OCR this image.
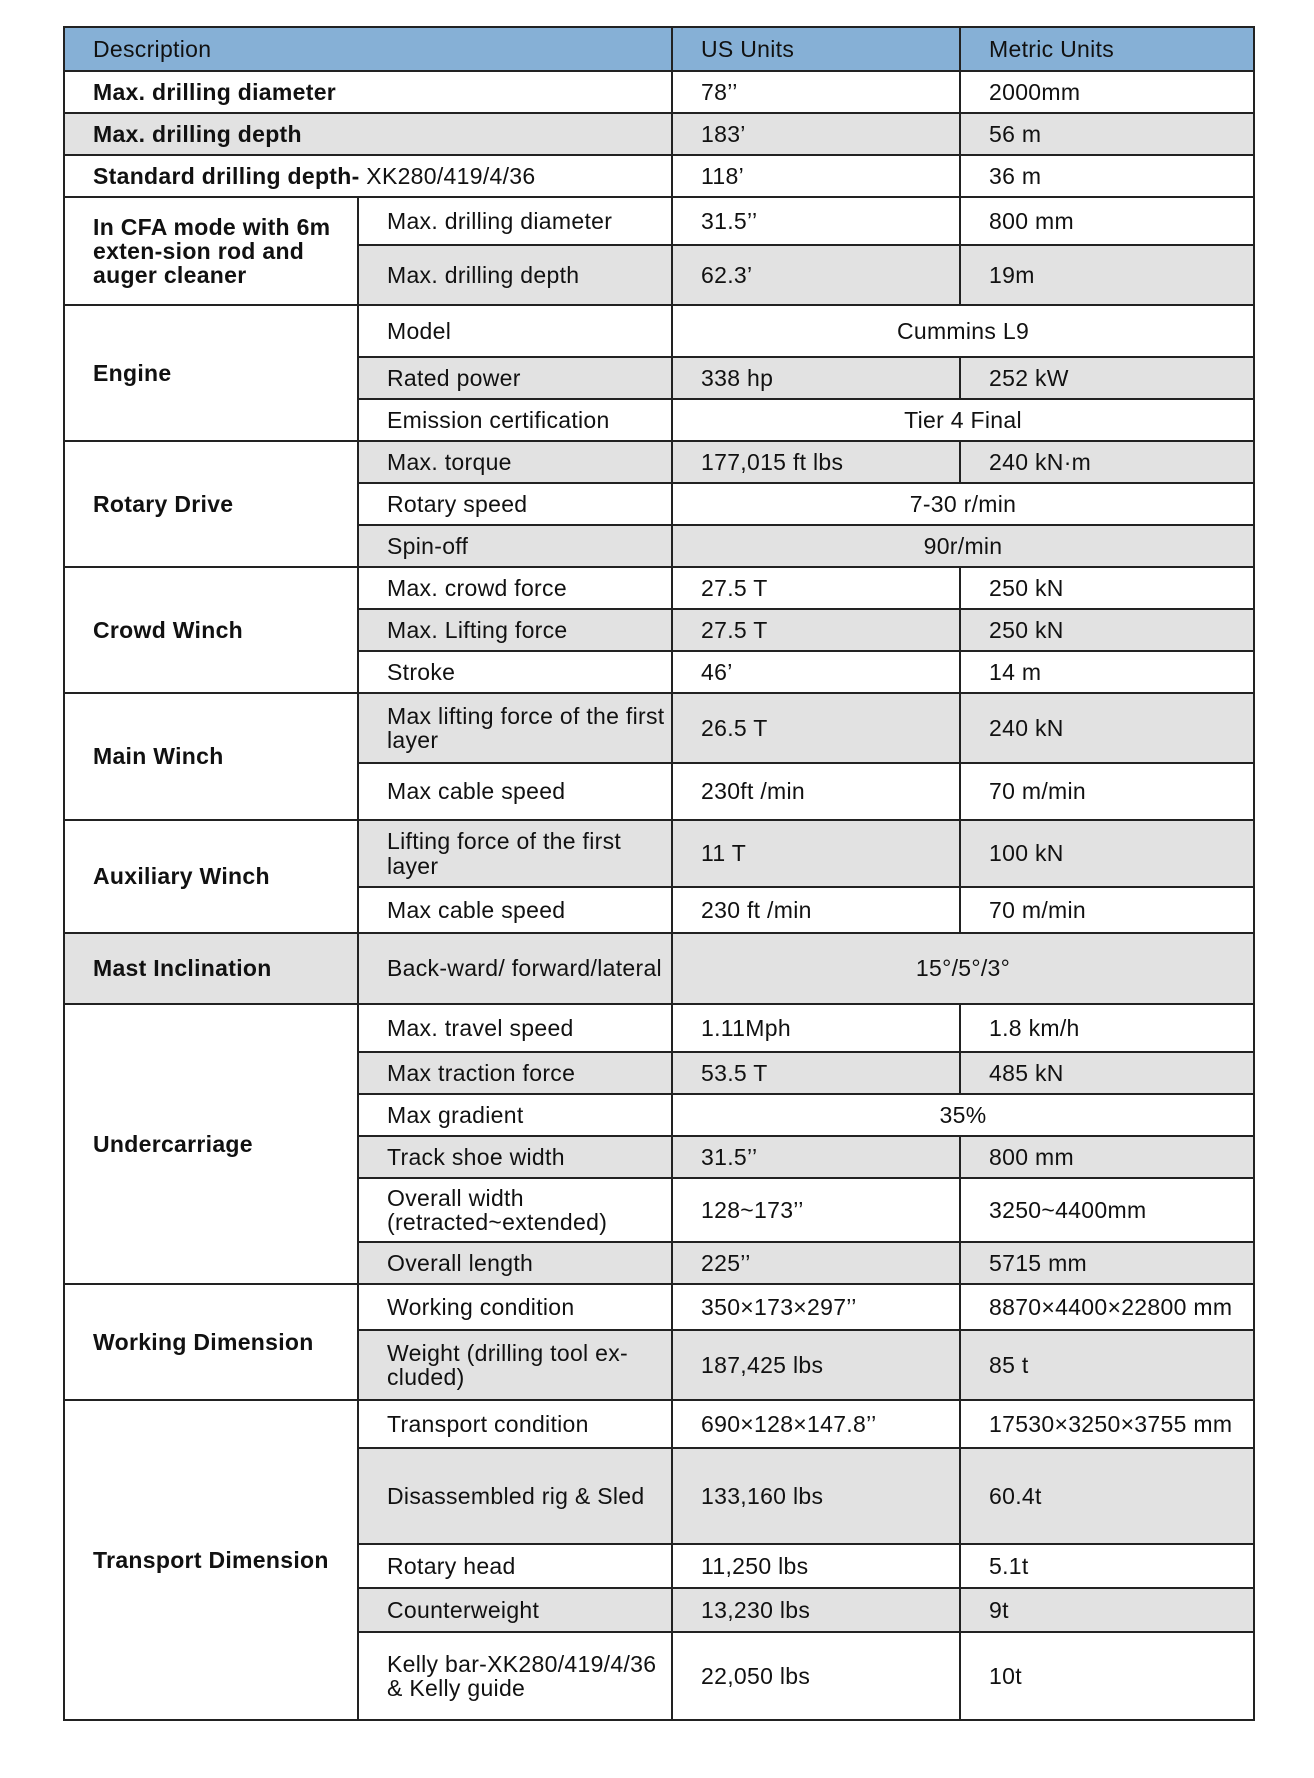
Description		US Units	Metric Units
Max. drilling diameter		78’’	2000mm
Max. drilling depth		183’	56 m
Standard drilling depth- XK280/419/4/36		118’	36 m
In CFA mode with 6m exten-sion rod and auger cleaner	Max. drilling diameter	31.5’’	800 mm
	Max. drilling depth	62.3’	19m
Engine	Model	Cummins L9	
	Rated power	338 hp	252 kW
	Emission certification	Tier 4 Final	
Rotary Drive	Max. torque	177,015 ft lbs	240 kN·m
	Rotary speed	7-30 r/min	
	Spin-off	90r/min	
Crowd Winch	Max. crowd force	27.5 T	250 kN
	Max. Lifting force	27.5 T	250 kN
	Stroke	46’	14 m
Main Winch	Max lifting force of the first layer	26.5 T	240 kN
	Max cable speed	230ft /min	70 m/min
Auxiliary Winch	Lifting force of the first layer	11 T	100 kN
	Max cable speed	230 ft /min	70 m/min
Mast Inclination	Back-ward/ forward/lateral	15°/5°/3°	
Undercarriage	Max. travel speed	1.11Mph	1.8 km/h
	Max traction force	53.5 T	485 kN
	Max gradient	35%	
	Track shoe width	31.5’’	800 mm
	Overall width (retracted~extended)	128~173’’	3250~4400mm
	Overall length	225’’	5715 mm
Working Dimension	Working condition	350×173×297’’	8870×4400×22800 mm
	Weight (drilling tool ex-cluded)	187,425 lbs	85 t
Transport Dimension	Transport condition	690×128×147.8’’	17530×3250×3755 mm
	Disassembled rig & Sled	133,160 lbs	60.4t
	Rotary head	11,250 lbs	5.1t
	Counterweight	13,230 lbs	9t
	Kelly bar-XK280/419/4/36 & Kelly guide	22,050 lbs	10t
